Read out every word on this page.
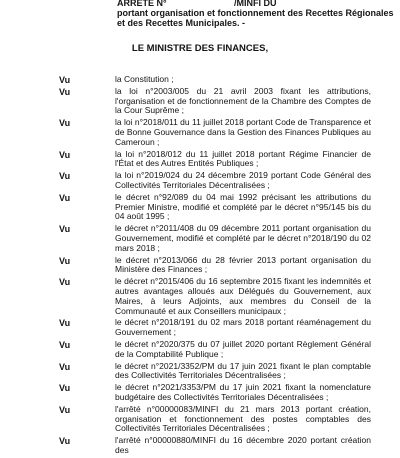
ARRETE N°	/MINFI DU
portant organisation et fonctionnement des Recettes Régionales
et des Recettes Municipales. -
LE MINISTRE DES FINANCES,
Vu	la Constitution ;
Vu	la loi n°2003/005 du 21 avril 2003 fixant les attributions, l'organisation et de fonctionnement de la Chambre des Comptes de la Cour Suprême ;
Vu	la loi n°2018/011 du 11 juillet 2018 portant Code de Transparence et de Bonne Gouvernance dans la Gestion des Finances Publiques au Cameroun ;
Vu	la loi n°2018/012 du 11 juillet 2018 portant Régime Financier de l'État et des Autres Entités Publiques ;
Vu	la loi n°2019/024 du 24 décembre 2019 portant Code Général des Collectivités Territoriales Décentralisées ;
Vu	le décret n°92/089 du 04 mai 1992 précisant les attributions du Premier Ministre, modifié et complété par le décret n°95/145 bis du 04 août 1995 ;
Vu	le décret n°2011/408 du 09 décembre 2011 portant organisation du Gouvernement, modifié et complété par le décret n°2018/190 du 02 mars 2018 ;
Vu	le décret n°2013/066 du 28 février 2013 portant organisation du Ministère des Finances ;
Vu	le décret n°2015/406 du 16 septembre 2015 fixant les indemnités et autres avantages alloués aux Délégués du Gouvernement, aux Maires, à leurs Adjoints, aux membres du Conseil de la Communauté et aux Conseillers municipaux ;
Vu	le décret n°2018/191 du 02 mars 2018 portant réaménagement du Gouvernement ;
Vu	le décret n°2020/375 du 07 juillet 2020 portant Règlement Général de la Comptabilité Publique ;
Vu	le décret n°2021/3352/PM du 17 juin 2021 fixant le plan comptable des Collectivités Territoriales Décentralisées ;
Vu	le décret n°2021/3353/PM du 17 juin 2021 fixant la nomenclature budgétaire des Collectivités Territoriales Décentralisées ;
Vu	l'arrêté n°00000083/MINFI du 21 mars 2013 portant création, organisation et fonctionnement des postes comptables des Collectivités Territoriales Décentralisées ;
Vu	l'arrêté n°00000880/MINFI du 16 décembre 2020 portant création des
